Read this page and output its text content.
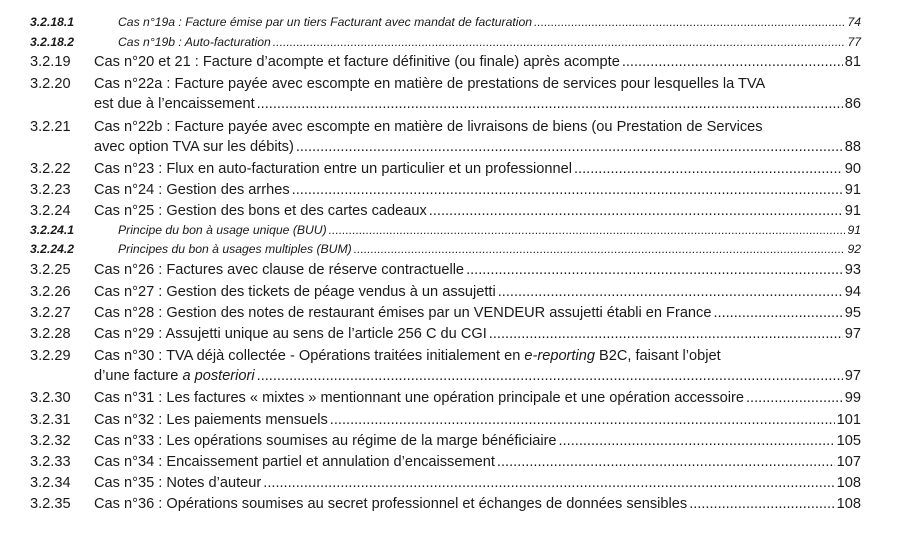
3.2.18.1	Cas n°19a : Facture émise par un tiers Facturant avec mandat de facturation .....	74
3.2.18.2	Cas n°19b : Auto-facturation .....	77
3.2.19 Cas n°20 et 21 : Facture d’acompte et facture définitive (ou finale) après acompte .....	81
3.2.20 Cas n°22a : Facture payée avec escompte en matière de prestations de services pour lesquelles la TVA
est due à l’encaissement .....	86
3.2.21 Cas n°22b : Facture payée avec escompte en matière de livraisons de biens (ou Prestation de Services
avec option TVA sur les débits) .....	88
3.2.22 Cas n°23 : Flux en auto-facturation entre un particulier et un professionnel .....	90
3.2.23 Cas n°24 : Gestion des arrhes .....	91
3.2.24 Cas n°25 : Gestion des bons et des cartes cadeaux .....	91
3.2.24.1	Principe du bon à usage unique (BUU) .....	91
3.2.24.2	Principes du bon à usages multiples (BUM) .....	92
3.2.25 Cas n°26 : Factures avec clause de réserve contractuelle .....	93
3.2.26 Cas n°27 : Gestion des tickets de péage vendus à un assujetti .....	94
3.2.27 Cas n°28 : Gestion des notes de restaurant émises par un VENDEUR assujetti établi en France .....	95
3.2.28 Cas n°29 : Assujetti unique au sens de l’article 256 C du CGI .....	97
3.2.29 Cas n°30 : TVA déjà collectée - Opérations traitées initialement en e-reporting B2C, faisant l’objet
d’une facture a posteriori .....	97
3.2.30 Cas n°31 : Les factures « mixtes » mentionnant une opération principale et une opération accessoire .....	99
3.2.31 Cas n°32 : Les paiements mensuels .....	101
3.2.32 Cas n°33 : Les opérations soumises au régime de la marge bénéficiaire .....	105
3.2.33 Cas n°34 : Encaissement partiel et annulation d’encaissement .....	107
3.2.34 Cas n°35 : Notes d’auteur .....	108
3.2.35 Cas n°36 : Opérations soumises au secret professionnel et échanges de données sensibles .....	108
